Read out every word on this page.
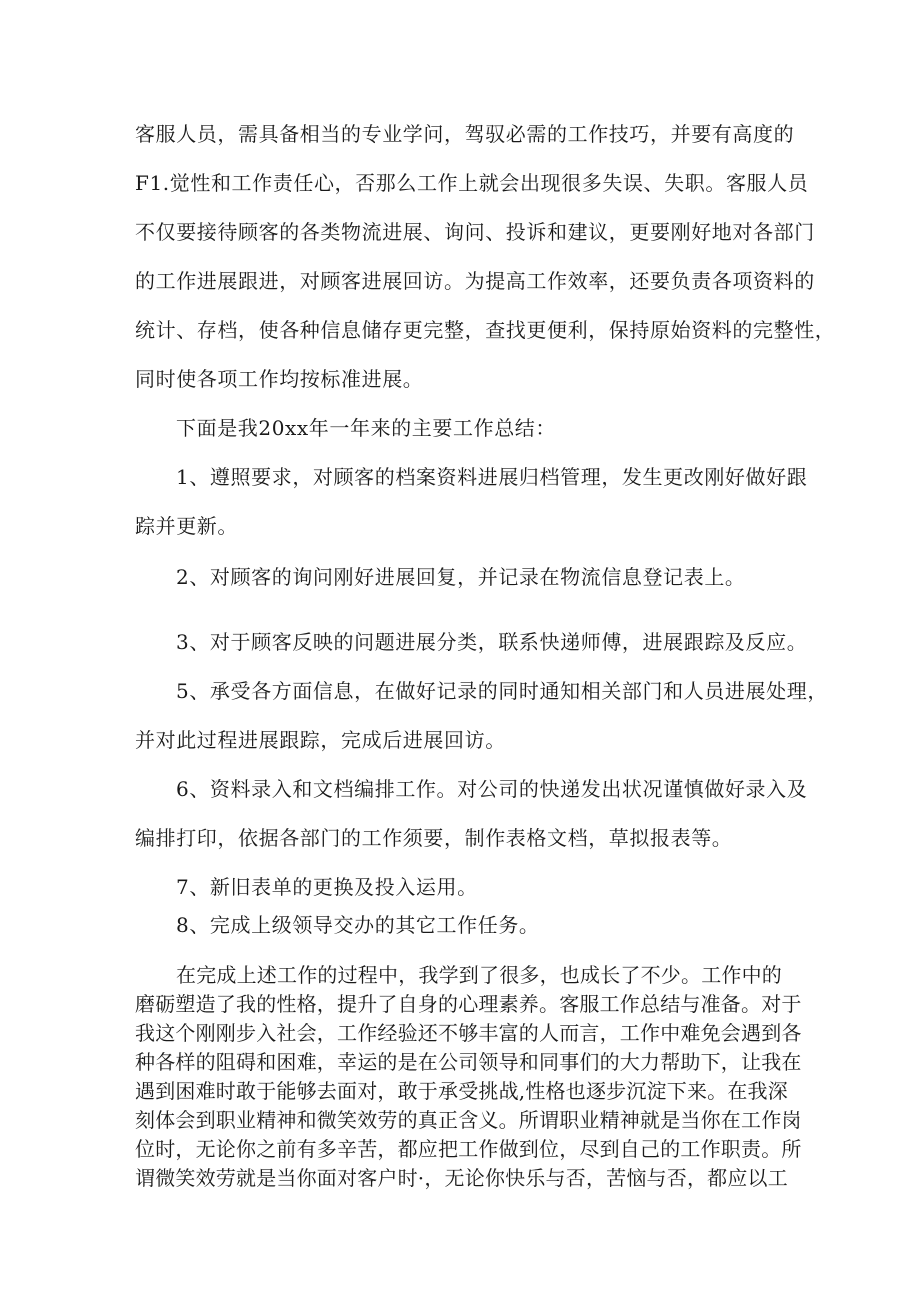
客服人员，需具备相当的专业学问，驾驭必需的工作技巧，并要有高度的
F1.觉性和工作责任心，否那么工作上就会出现很多失误、失职。客服人员
不仅要接待顾客的各类物流进展、询问、投诉和建议，更要刚好地对各部门
的工作进展跟进，对顾客进展回访。为提高工作效率，还要负责各项资料的
统计、存档，使各种信息储存更完整，查找更便利，保持原始资料的完整性，
同时使各项工作均按标准进展。
下面是我20xx年一年来的主要工作总结：
1、遵照要求，对顾客的档案资料进展归档管理，发生更改刚好做好跟
踪并更新。
2、对顾客的询问刚好进展回复，并记录在物流信息登记表上。
3、对于顾客反映的问题进展分类，联系快递师傅，进展跟踪及反应。
5、承受各方面信息，在做好记录的同时通知相关部门和人员进展处理，
并对此过程进展跟踪，完成后进展回访。
6、资料录入和文档编排工作。对公司的快递发出状况谨慎做好录入及
编排打印，依据各部门的工作须要，制作表格文档，草拟报表等。
7、新旧表单的更换及投入运用。
8、完成上级领导交办的其它工作任务。
在完成上述工作的过程中，我学到了很多，也成长了不少。工作中的
磨砺塑造了我的性格，提升了自身的心理素养。客服工作总结与准备。对于
我这个刚刚步入社会，工作经验还不够丰富的人而言，工作中难免会遇到各
种各样的阻碍和困难，幸运的是在公司领导和同事们的大力帮助下，让我在
遇到困难时敢于能够去面对，敢于承受挑战,性格也逐步沉淀下来。在我深
刻体会到职业精神和微笑效劳的真正含义。所谓职业精神就是当你在工作岗
位时，无论你之前有多辛苦，都应把工作做到位，尽到自己的工作职责。所
谓微笑效劳就是当你面对客户时·，无论你快乐与否，苦恼与否，都应以工
